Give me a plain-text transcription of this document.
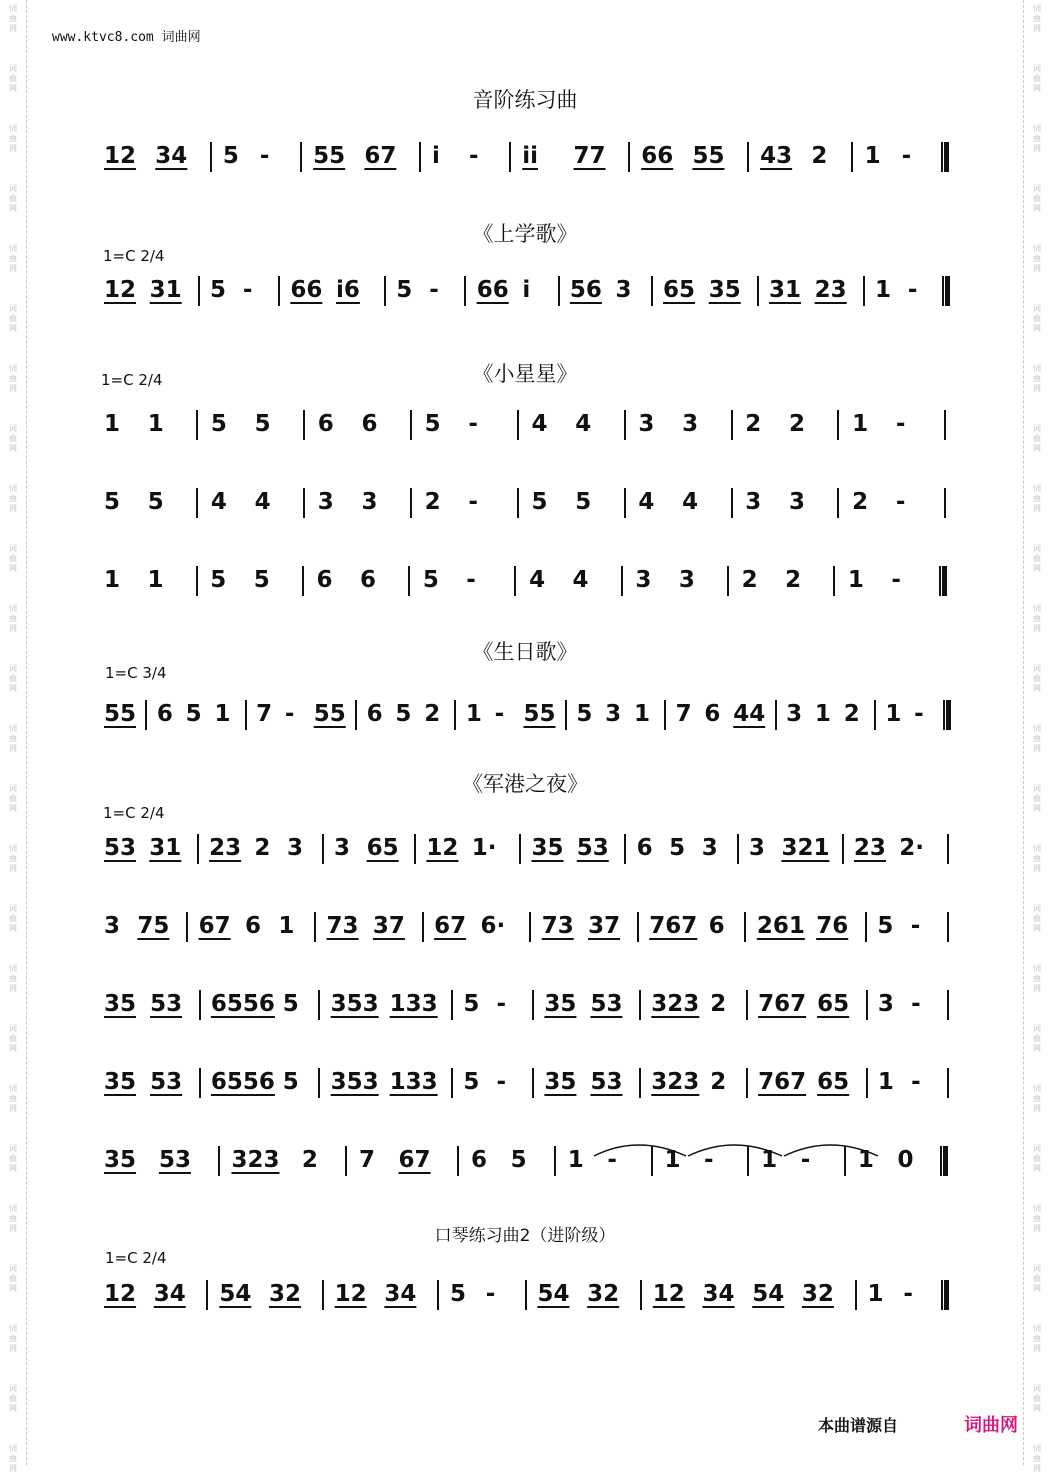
词
曲
网
词
曲
网
词
曲
网
词
曲
网
词
曲
网
词
曲
网
词
曲
网
词
曲
网
词
曲
网
词
曲
网
词
曲
网
词
曲
网
词
曲
网
词
曲
网
词
曲
网
词
曲
网
词
曲
网
词
曲
网
词
曲
网
词
曲
网
词
曲
网
词
曲
网
词
曲
网
词
曲
网
词
曲
网
词
曲
网
词
曲
网
词
曲
网
词
曲
网
词
曲
网
词
曲
网
词
曲
网
词
曲
网
词
曲
网
词
曲
网
词
曲
网
词
曲
网
词
曲
网
词
曲
网
词
曲
网
词
曲
网
词
曲
网
词
曲
网
词
曲
网
词
曲
网
词
曲
网
词
曲
网
词
曲
网
词
曲
网
词
曲
网
www.ktvc8.com 词曲网
音阶练习曲
《上学歌》
1=C 2/4
《小星星》
1=C 2/4
《生日歌》
1=C 3/4
《军港之夜》
1=C 2/4
口琴练习曲2（进阶级）
1=C 2/4
12 34 5 - 55 67 i - ii 77 66 55 43 2 1 -
12 31 5 - 66 i6 5 - 66 i 56 3 65 35 31 23 1 -
1 1 5 5 6 6 5 - 4 4 3 3 2 2 1 -
5 5 4 4 3 3 2 - 5 5 4 4 3 3 2 -
1 1 5 5 6 6 5 - 4 4 3 3 2 2 1 -
55 6 5 1 7 - 55 6 5 2 1 - 55 5 3 1 7 6 44 3 1 2 1 -
53 31 23 2 3 3 65 12 1· 35 53 6 5 3 3 321 23 2·
3 75 67 6 1 73 37 67 6· 73 37 767 6 261 76 5 -
35 53 6556 5 353 133 5 - 35 53 323 2 767 65 3 -
35 53 6556 5 353 133 5 - 35 53 323 2 767 65 1 -
35 53 323 2 7 67 6 5 1 - 1 - 1 - 1 0
12 34 54 32 12 34 5 - 54 32 12 34 54 32 1 -
本曲谱源自	词曲网
